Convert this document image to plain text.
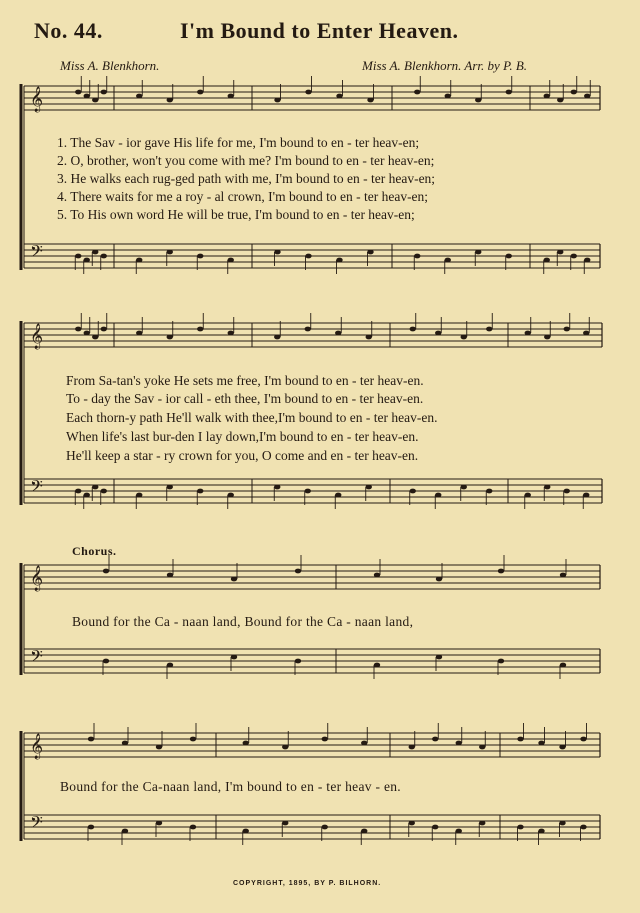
No. 44.	I'm Bound to Enter Heaven.
Miss A. Blenkhorn.	Miss A. Blenkhorn. Arr. by P. B.
𝄞
𝄢
𝄞
𝄢
𝄞
𝄢
𝄞
𝄢
1. The Sav - ior gave His life for me, I'm bound to en - ter heav-en;
2. O, brother, won't you come with me? I'm bound to en - ter heav-en;
3. He walks each rug-ged path with me, I'm bound to en - ter heav-en;
4. There waits for me a roy - al crown, I'm bound to en - ter heav-en;
5. To His own word He will be true, I'm bound to en - ter heav-en;
From Sa-tan's yoke He sets me free, I'm bound to en - ter heav-en.
To - day the Sav - ior call - eth thee, I'm bound to en - ter heav-en.
Each thorn-y path He'll walk with thee,I'm bound to en - ter heav-en.
When life's last bur-den I lay down,I'm bound to en - ter heav-en.
He'll keep a star - ry crown for you, O come and en - ter heav-en.
Chorus.
Bound for the Ca - naan land, Bound for the Ca - naan land,
Bound for the Ca-naan land, I'm bound to en - ter heav - en.
COPYRIGHT, 1895, BY P. BILHORN.
